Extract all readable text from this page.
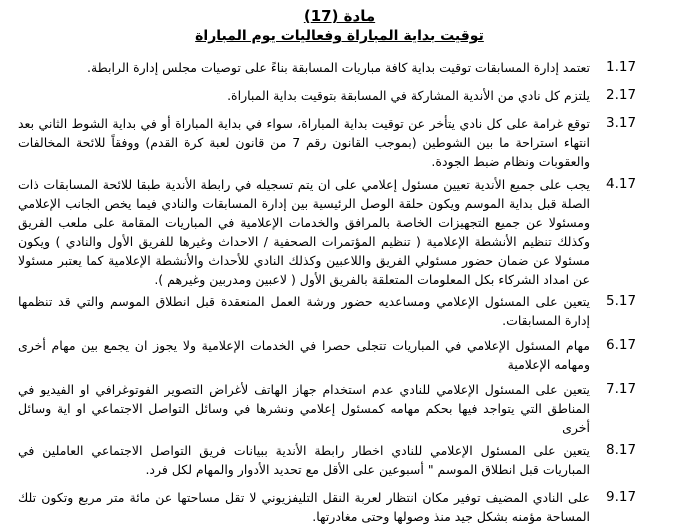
مادة (17)
توقيت بداية المباراة وفعاليات يوم المباراة
تعتمد إدارة المسابقات توقيت بداية كافة مباريات المسابقة بناءً على توصيات مجلس إدارة الرابطة. 1.17
يلتزم كل نادي من الأندية المشاركة في المسابقة بتوقيت بداية المباراة. 2.17
توقع غرامة على كل نادي يتأخر عن توقيت بداية المباراة، سواء في بداية المباراة أو في بداية الشوط الثاني بعد انتهاء استراحة ما بين الشوطين (بموجب القانون رقم 7 من قانون لعبة كرة القدم) ووفقاً للائحة المخالفات والعقوبات ونظام ضبط الجودة.
3.17
يجب على جميع الأندية تعيين مسئول إعلامي على ان يتم تسجيله في رابطة الأندية طبقا للائحة المسابقات ذات الصلة قبل بداية الموسم ويكون حلقة الوصل الرئيسية بين إدارة المسابقات والنادي فيما يخص الجانب الإعلامي ومسئولا عن جميع التجهيزات الخاصة بالمرافق والخدمات الإعلامية في المباريات المقامة على ملعب الفريق وكذلك تنظيم الأنشطة الإعلامية ( تنظيم المؤتمرات الصحفية / الاحداث وغيرها للفريق الأول والنادي ) ويكون مسئولا عن ضمان حضور مسئولي الفريق واللاعبين وكذلك النادي للأحداث والأنشطة الإعلامية كما يعتبر مسئولا عن امداد الشركاء بكل المعلومات المتعلقة بالفريق الأول ( لاعبين ومدربين وغيرهم ).
4.17
يتعين على المسئول الإعلامي ومساعديه حضور ورشة العمل المنعقدة قبل انطلاق الموسم والتي قد تنظمها إدارة المسابقات.
5.17
مهام المسئول الإعلامي في المباريات تتجلى حصرا في الخدمات الإعلامية ولا يجوز ان يجمع بين مهام أخرى ومهامه الإعلامية
6.17
يتعين على المسئول الإعلامي للنادي عدم استخدام جهاز الهاتف لأغراض التصوير الفوتوغرافي او الفيديو في المناطق التي يتواجد فيها بحكم مهامه كمسئول إعلامي ونشرها في وسائل التواصل الاجتماعي او اية وسائل أخرى
7.17
يتعين على المسئول الإعلامي للنادي اخطار رابطة الأندية ببيانات فريق التواصل الاجتماعي العاملين في المباريات قبل انطلاق الموسم " أسبوعين على الأقل مع تحديد الأدوار والمهام لكل فرد.
8.17
على النادي المضيف توفير مكان انتظار لعربة النقل التليفزيوني لا تقل مساحتها عن مائة متر مربع وتكون تلك المساحة مؤمنه بشكل جيد منذ وصولها وحتى مغادرتها.
9.17
